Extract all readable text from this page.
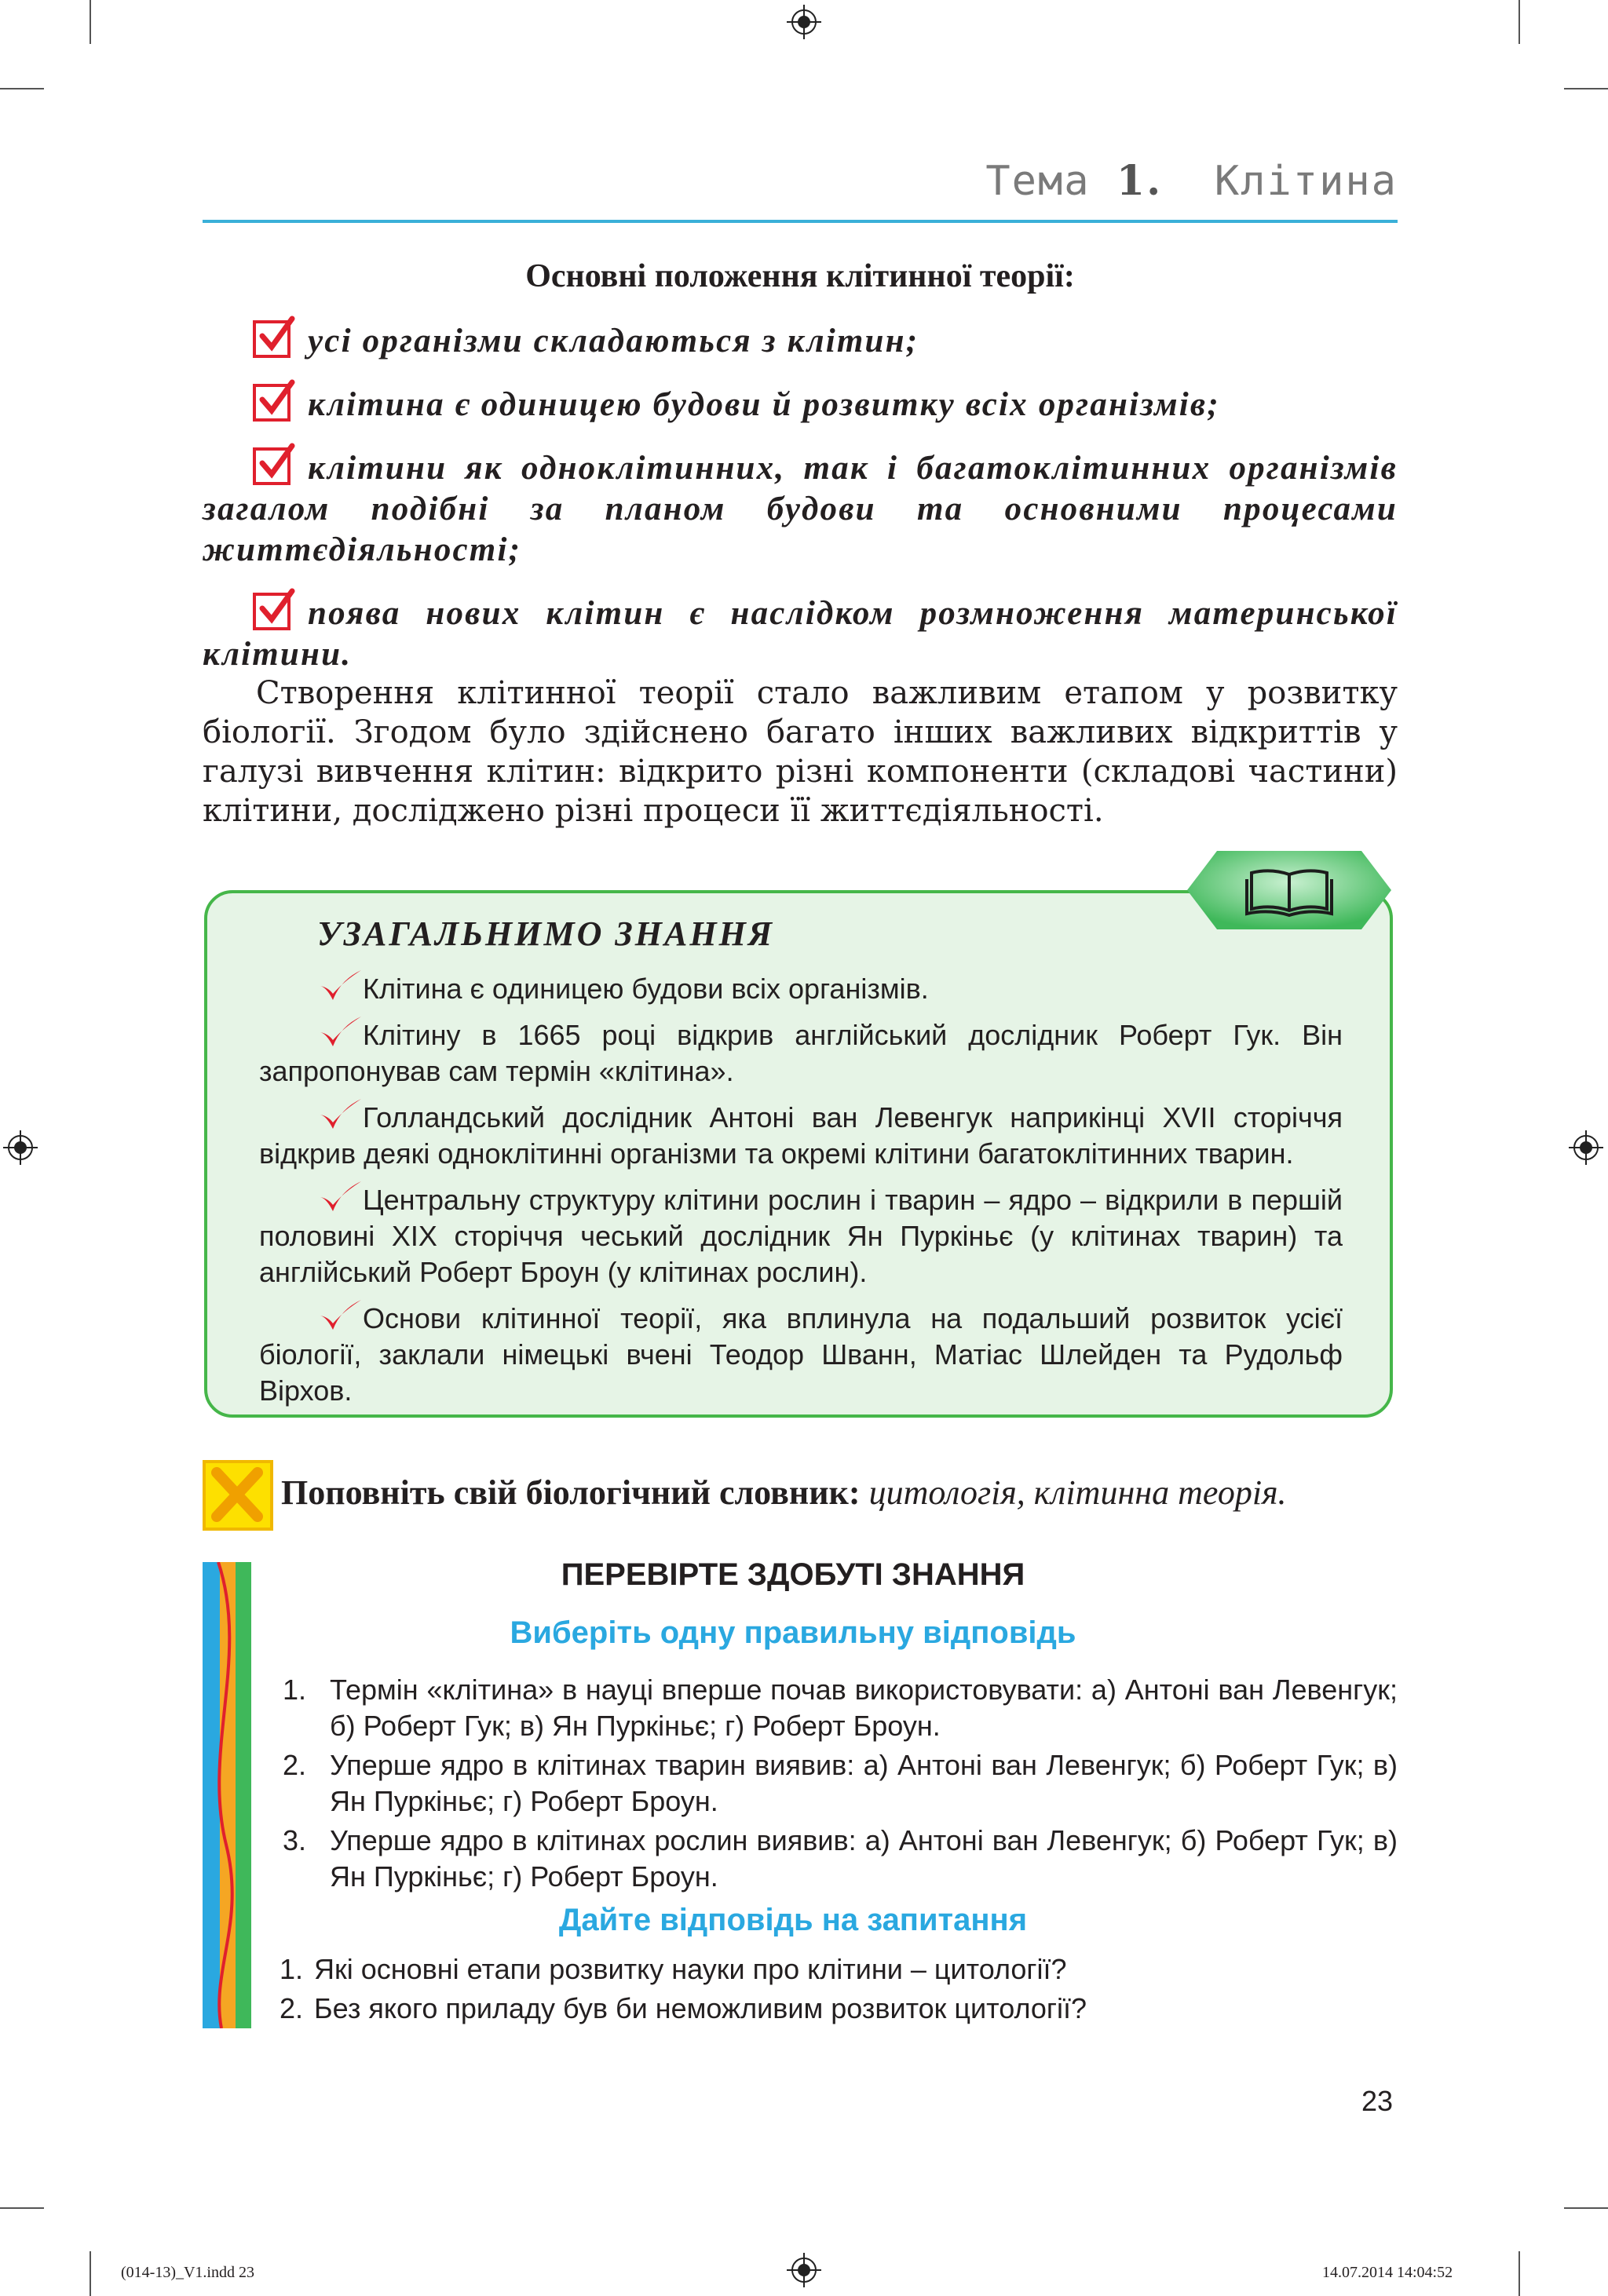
Тема 1. Клітина
Основні положення клітинної теорії:
усі організми складаються з клітин;
клітина є одиницею будови й розвитку всіх організмів;
клітини як одноклітинних, так і багатоклітинних організмів загалом подібні за планом будови та основними процесами життєдіяльності;
поява нових клітин є наслідком розмноження материнської клітини.
Створення клітинної теорії стало важливим етапом у розвитку біології. Згодом було здійснено багато інших важливих відкриттів у галузі вивчення клітин: відкрито різні компоненти (складові частини) клітини, досліджено різні процеси її життєдіяльності.
УЗАГАЛЬНИМО ЗНАННЯ
Клітина є одиницею будови всіх організмів.
Клітину в 1665 році відкрив англійський дослідник Роберт Гук. Він запропонував сам термін «клітина».
Голландський дослідник Антоні ван Левенгук наприкінці XVII сторіччя відкрив деякі одноклітинні організми та окремі клітини багатоклітинних тварин.
Центральну структуру клітини рослин і тварин – ядро – відкрили в першій половині XIX сторіччя чеський дослідник Ян Пуркіньє (у клітинах тварин) та англійський Роберт Броун (у клітинах рослин).
Основи клітинної теорії, яка вплинула на подальший розвиток усієї біології, заклали німецькі вчені Теодор Шванн, Матіас Шлейден та Рудольф Вірхов.
Поповніть свій біологічний словник: цитологія, клітинна теорія.
ПЕРЕВІРТЕ ЗДОБУТІ ЗНАННЯ
Виберіть одну правильну відповідь
1. Термін «клітина» в науці вперше почав використовувати: а) Антоні ван Левенгук; б) Роберт Гук; в) Ян Пуркіньє; г) Роберт Броун.
2. Уперше ядро в клітинах тварин виявив: а) Антоні ван Левенгук; б) Роберт Гук; в) Ян Пуркіньє; г) Роберт Броун.
3. Уперше ядро в клітинах рослин виявив: а) Антоні ван Левенгук; б) Роберт Гук; в) Ян Пуркіньє; г) Роберт Броун.
Дайте відповідь на запитання
1. Які основні етапи розвитку науки про клітини – цитології?
2. Без якого приладу був би неможливим розвиток цитології?
23
(014-13)_V1.indd 23	14.07.2014 14:04:52
